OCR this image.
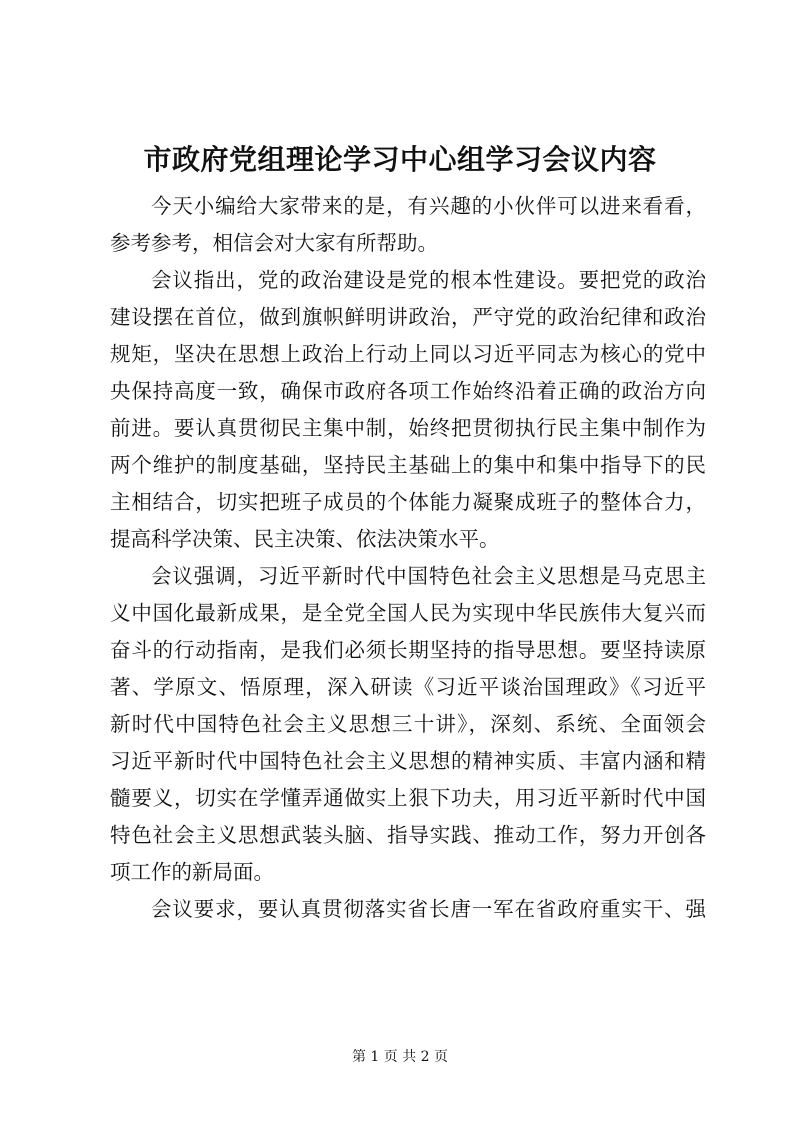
市政府党组理论学习中心组学习会议内容

今天小编给大家带来的是，有兴趣的小伙伴可以进来看看，
参考参考，相信会对大家有所帮助。

会议指出，党的政治建设是党的根本性建设。要把党的政治
建设摆在首位，做到旗帜鲜明讲政治，严守党的政治纪律和政治
规矩，坚决在思想上政治上行动上同以习近平同志为核心的党中
央保持高度一致，确保市政府各项工作始终沿着正确的政治方向
前进。要认真贯彻民主集中制，始终把贯彻执行民主集中制作为
两个维护的制度基础，坚持民主基础上的集中和集中指导下的民
主相结合，切实把班子成员的个体能力凝聚成班子的整体合力，
提高科学决策、民主决策、依法决策水平。

会议强调，习近平新时代中国特色社会主义思想是马克思主
义中国化最新成果，是全党全国人民为实现中华民族伟大复兴而
奋斗的行动指南，是我们必须长期坚持的指导思想。要坚持读原
著、学原文、悟原理，深入研读《习近平谈治国理政》《习近平
新时代中国特色社会主义思想三十讲》，深刻、系统、全面领会
习近平新时代中国特色社会主义思想的精神实质、丰富内涵和精
髓要义，切实在学懂弄通做实上狠下功夫，用习近平新时代中国
特色社会主义思想武装头脑、指导实践、推动工作，努力开创各
项工作的新局面。

会议要求，要认真贯彻落实省长唐一军在省政府重实干、强

第 1 页 共 2 页
